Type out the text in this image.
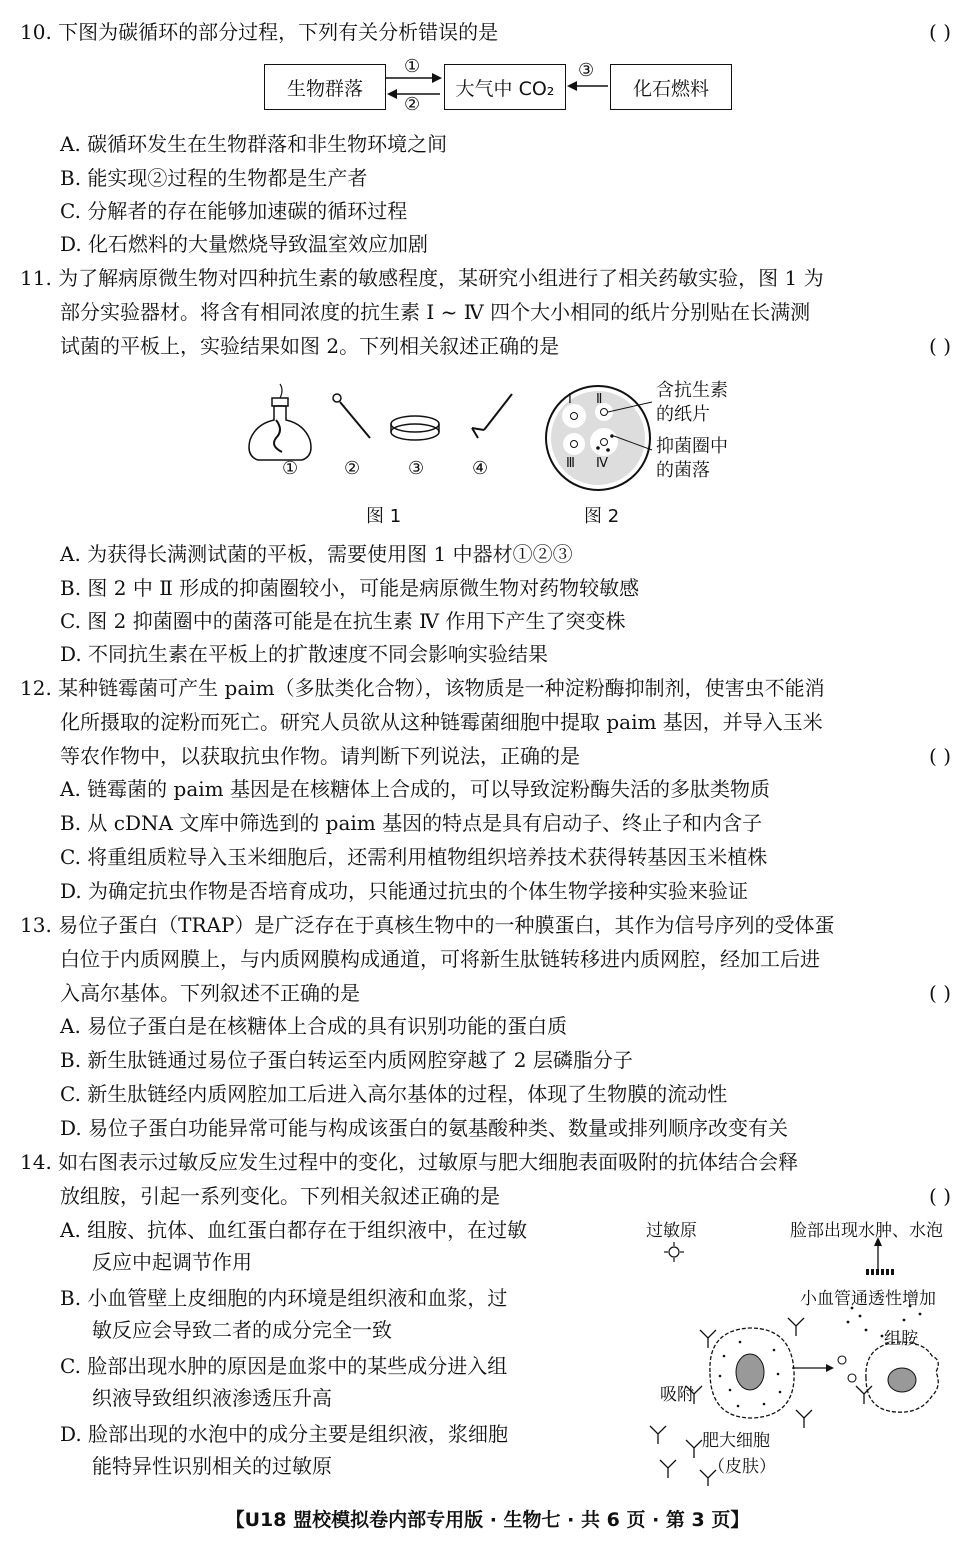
10. 下图为碳循环的部分过程，下列有关分析错误的是	( )
生物群落	大气中 CO₂	化石燃料
①
②
③
A. 碳循环发生在生物群落和非生物环境之间
B. 能实现②过程的生物都是生产者
C. 分解者的存在能够加速碳的循环过程
D. 化石燃料的大量燃烧导致温室效应加剧
11. 为了解病原微生物对四种抗生素的敏感程度，某研究小组进行了相关药敏实验，图 1 为
部分实验器材。将含有相同浓度的抗生素 Ⅰ ~ Ⅳ 四个大小相同的纸片分别贴在长满测
试菌的平板上，实验结果如图 2。下列相关叙述正确的是	( )
①	②	③	④
图 1
Ⅰ Ⅱ
Ⅲ Ⅳ
含抗生素
的纸片
抑菌圈中
的菌落
图 2
A. 为获得长满测试菌的平板，需要使用图 1 中器材①②③
B. 图 2 中 Ⅱ 形成的抑菌圈较小，可能是病原微生物对药物较敏感
C. 图 2 抑菌圈中的菌落可能是在抗生素 Ⅳ 作用下产生了突变株
D. 不同抗生素在平板上的扩散速度不同会影响实验结果
12. 某种链霉菌可产生 paim（多肽类化合物），该物质是一种淀粉酶抑制剂，使害虫不能消
化所摄取的淀粉而死亡。研究人员欲从这种链霉菌细胞中提取 paim 基因，并导入玉米
等农作物中，以获取抗虫作物。请判断下列说法，正确的是	( )
A. 链霉菌的 paim 基因是在核糖体上合成的，可以导致淀粉酶失活的多肽类物质
B. 从 cDNA 文库中筛选到的 paim 基因的特点是具有启动子、终止子和内含子
C. 将重组质粒导入玉米细胞后，还需利用植物组织培养技术获得转基因玉米植株
D. 为确定抗虫作物是否培育成功，只能通过抗虫的个体生物学接种实验来验证
13. 易位子蛋白（TRAP）是广泛存在于真核生物中的一种膜蛋白，其作为信号序列的受体蛋
白位于内质网膜上，与内质网膜构成通道，可将新生肽链转移进内质网腔，经加工后进
入高尔基体。下列叙述不正确的是	( )
A. 易位子蛋白是在核糖体上合成的具有识别功能的蛋白质
B. 新生肽链通过易位子蛋白转运至内质网腔穿越了 2 层磷脂分子
C. 新生肽链经内质网腔加工后进入高尔基体的过程，体现了生物膜的流动性
D. 易位子蛋白功能异常可能与构成该蛋白的氨基酸种类、数量或排列顺序改变有关
14. 如右图表示过敏反应发生过程中的变化，过敏原与肥大细胞表面吸附的抗体结合会释
放组胺，引起一系列变化。下列相关叙述正确的是	( )
A. 组胺、抗体、血红蛋白都存在于组织液中，在过敏
反应中起调节作用
B. 小血管壁上皮细胞的内环境是组织液和血浆，过
敏反应会导致二者的成分完全一致
C. 脸部出现水肿的原因是血浆中的某些成分进入组
织液导致组织液渗透压升高
D. 脸部出现的水泡中的成分主要是组织液，浆细胞
能特异性识别相关的过敏原
过敏原	脸部出现水肿、水泡
小血管通透性增加
组胺
吸附
肥大细胞
（皮肤）
【U18 盟校模拟卷内部专用版 · 生物七 · 共 6 页 · 第 3 页】
